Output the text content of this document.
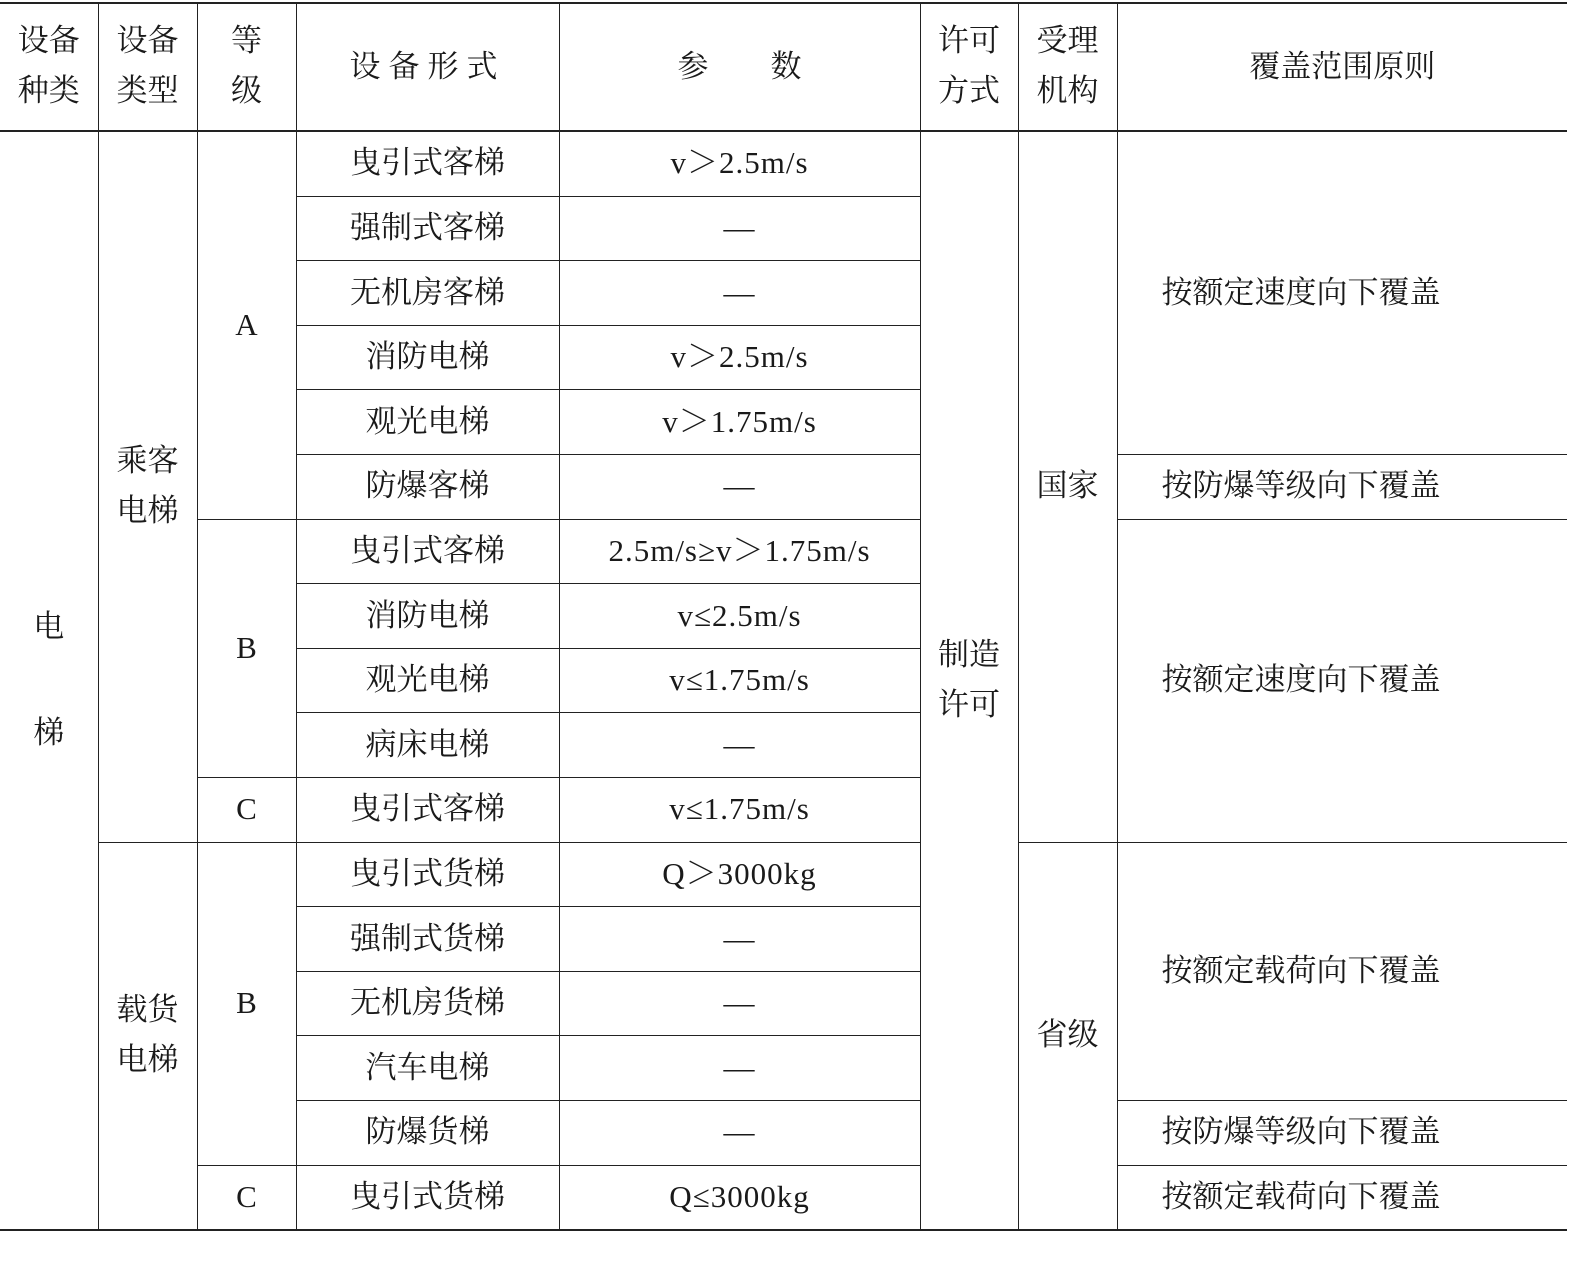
设备种类	设备类型	等级	设备形式	参　　数	许可方式	受理机构	覆盖范围原则
电梯	乘客电梯	A	曳引式客梯	v＞2.5m/s	制造许可	国家	按额定速度向下覆盖
			强制式客梯	—			
			无机房客梯	—			
			消防电梯	v＞2.5m/s			
			观光电梯	v＞1.75m/s			
			防爆客梯	—			按防爆等级向下覆盖
		B	曳引式客梯	2.5m/s≥v＞1.75m/s			按额定速度向下覆盖
			消防电梯	v≤2.5m/s			
			观光电梯	v≤1.75m/s			
			病床电梯	—			
		C	曳引式客梯	v≤1.75m/s			
	载货电梯	B	曳引式货梯	Q＞3000kg		省级	按额定载荷向下覆盖
			强制式货梯	—			
			无机房货梯	—			
			汽车电梯	—			
			防爆货梯	—			按防爆等级向下覆盖
		C	曳引式货梯	Q≤3000kg			按额定载荷向下覆盖
